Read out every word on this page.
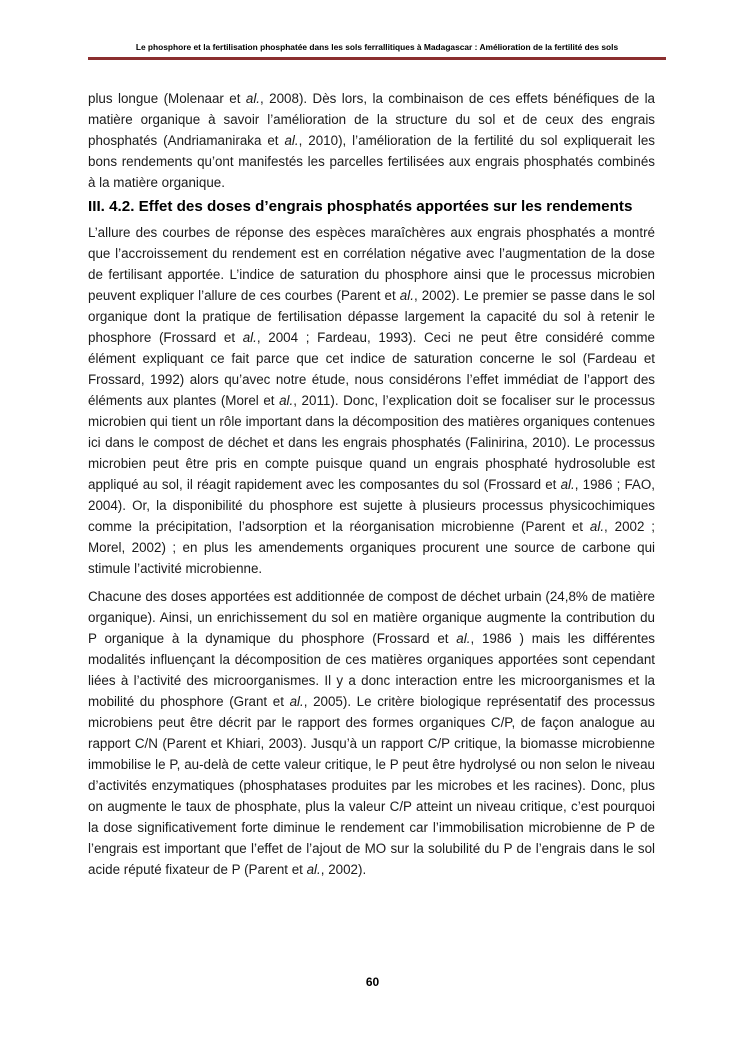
Le phosphore et la fertilisation phosphatée dans les sols ferrallitiques à Madagascar : Amélioration de la fertilité des sols

plus longue (Molenaar et al., 2008). Dès lors, la combinaison de ces effets bénéfiques de la matière organique à savoir l’amélioration de la structure du sol et de ceux des engrais phosphatés (Andriamaniraka et al., 2010), l’amélioration de la fertilité du sol expliquerait les bons rendements qu’ont manifestés les parcelles fertilisées aux engrais phosphatés combinés à la matière organique.

III. 4.2. Effet des doses d’engrais phosphatés apportées sur les rendements

L’allure des courbes de réponse des espèces maraîchères aux engrais phosphatés a montré que l’accroissement du rendement est en corrélation négative avec l’augmentation de la dose de fertilisant apportée. L’indice de saturation du phosphore ainsi que le processus microbien peuvent expliquer l’allure de ces courbes (Parent et al., 2002). Le premier se passe dans le sol organique dont la pratique de fertilisation dépasse largement la capacité du sol à retenir le phosphore (Frossard et al., 2004 ; Fardeau, 1993). Ceci ne peut être considéré comme élément expliquant ce fait parce que cet indice de saturation concerne le sol (Fardeau et Frossard, 1992) alors qu’avec notre étude, nous considérons l’effet immédiat de l’apport des éléments aux plantes (Morel et al., 2011). Donc, l’explication doit se focaliser sur le processus microbien qui tient un rôle important dans la décomposition des matières organiques contenues ici dans le compost de déchet et dans les engrais phosphatés (Falinirina, 2010). Le processus microbien peut être pris en compte puisque quand un engrais phosphaté hydrosoluble est appliqué au sol, il réagit rapidement avec les composantes du sol (Frossard et al., 1986 ; FAO, 2004). Or, la disponibilité du phosphore est sujette à plusieurs processus physicochimiques comme la précipitation, l’adsorption et la réorganisation microbienne (Parent et al., 2002 ; Morel, 2002) ; en plus les amendements organiques procurent une source de carbone qui stimule l’activité microbienne.

Chacune des doses apportées est additionnée de compost de déchet urbain (24,8% de matière organique). Ainsi, un enrichissement du sol en matière organique augmente la contribution du P organique à la dynamique du phosphore (Frossard et al., 1986 ) mais les différentes modalités influençant la décomposition de ces matières organiques apportées sont cependant liées à l’activité des microorganismes. Il y a donc interaction entre les microorganismes et la mobilité du phosphore (Grant et al., 2005). Le critère biologique représentatif des processus microbiens peut être décrit par le rapport des formes organiques C/P, de façon analogue au rapport C/N (Parent et Khiari, 2003). Jusqu’à un rapport C/P critique, la biomasse microbienne immobilise le P, au-delà de cette valeur critique, le P peut être hydrolysé ou non selon le niveau d’activités enzymatiques (phosphatases produites par les microbes et les racines). Donc, plus on augmente le taux de phosphate, plus la valeur C/P atteint un niveau critique, c’est pourquoi la dose significativement forte diminue le rendement car l’immobilisation microbienne de P de l’engrais est important que l’effet de l’ajout de MO sur la solubilité du P de l’engrais dans le sol acide réputé fixateur de P (Parent et al., 2002).

60
